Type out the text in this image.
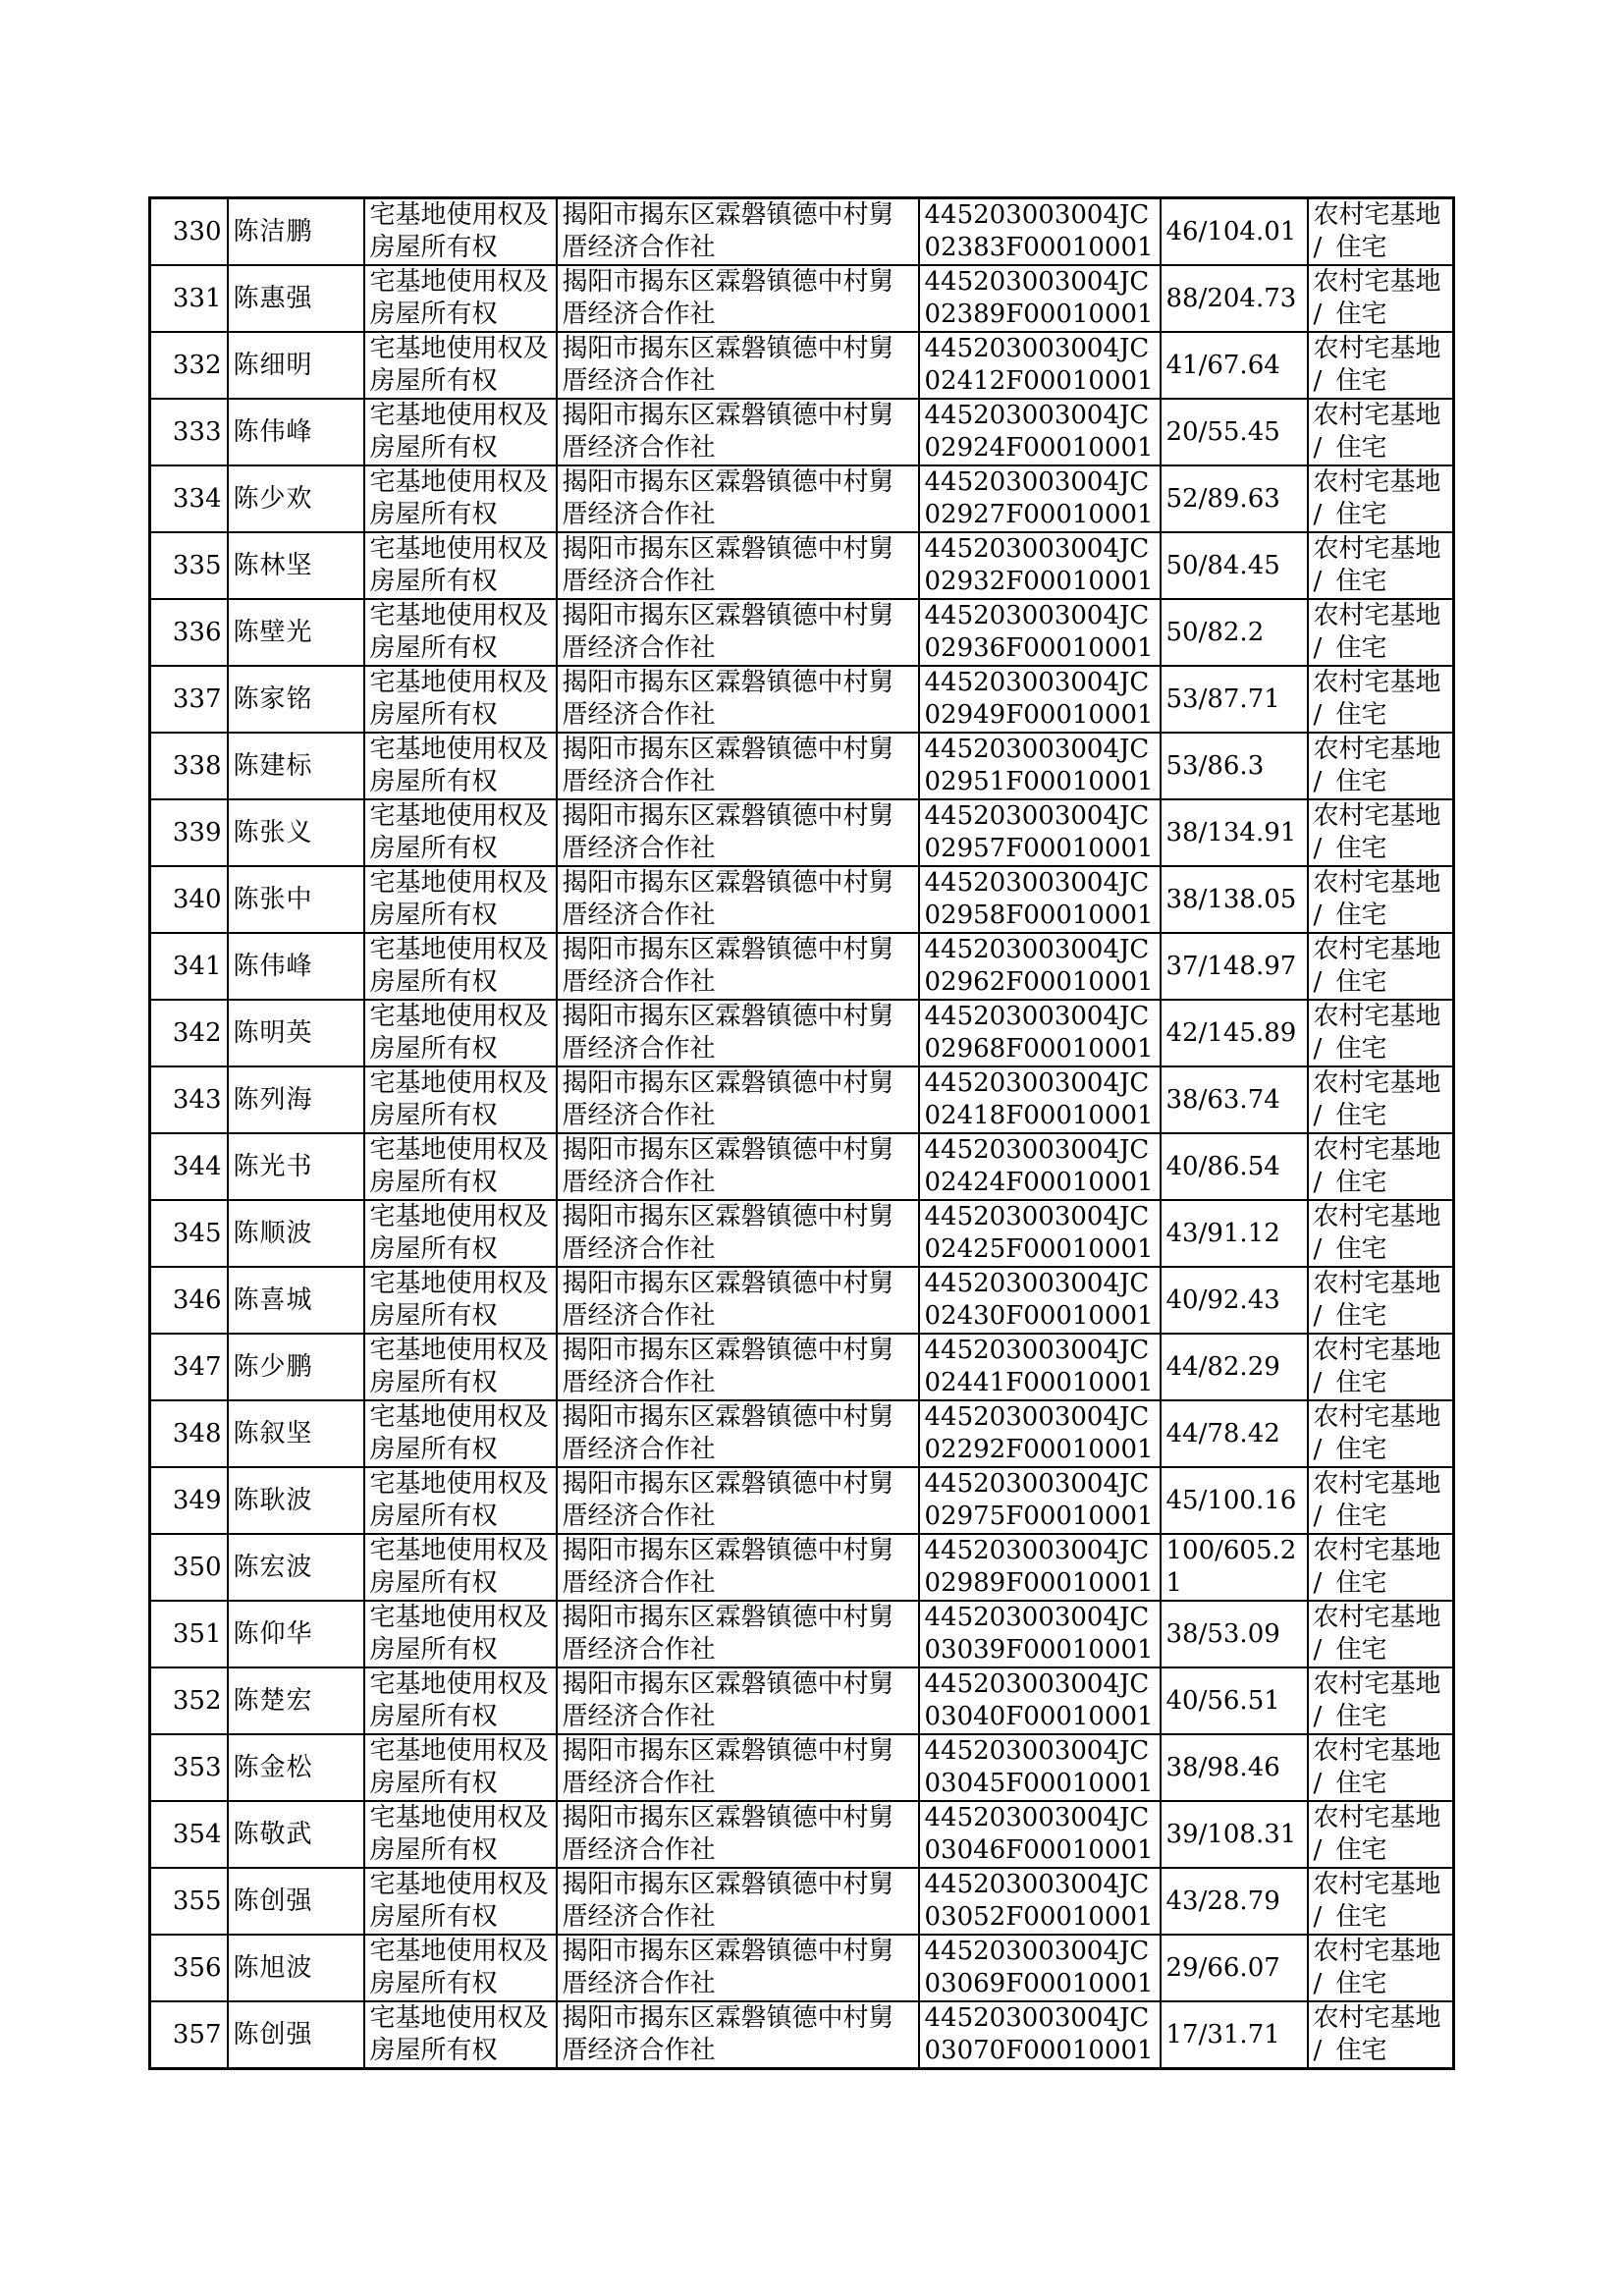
330	陈洁鹏	宅基地使用权及房屋所有权	揭阳市揭东区霖磐镇德中村舅厝经济合作社	445203003004JC02383F00010001	46/104.01	农村宅基地 / 住宅
331	陈惠强	宅基地使用权及房屋所有权	揭阳市揭东区霖磐镇德中村舅厝经济合作社	445203003004JC02389F00010001	88/204.73	农村宅基地 / 住宅
332	陈细明	宅基地使用权及房屋所有权	揭阳市揭东区霖磐镇德中村舅厝经济合作社	445203003004JC02412F00010001	41/67.64	农村宅基地 / 住宅
333	陈伟峰	宅基地使用权及房屋所有权	揭阳市揭东区霖磐镇德中村舅厝经济合作社	445203003004JC02924F00010001	20/55.45	农村宅基地 / 住宅
334	陈少欢	宅基地使用权及房屋所有权	揭阳市揭东区霖磐镇德中村舅厝经济合作社	445203003004JC02927F00010001	52/89.63	农村宅基地 / 住宅
335	陈林坚	宅基地使用权及房屋所有权	揭阳市揭东区霖磐镇德中村舅厝经济合作社	445203003004JC02932F00010001	50/84.45	农村宅基地 / 住宅
336	陈壁光	宅基地使用权及房屋所有权	揭阳市揭东区霖磐镇德中村舅厝经济合作社	445203003004JC02936F00010001	50/82.2	农村宅基地 / 住宅
337	陈家铭	宅基地使用权及房屋所有权	揭阳市揭东区霖磐镇德中村舅厝经济合作社	445203003004JC02949F00010001	53/87.71	农村宅基地 / 住宅
338	陈建标	宅基地使用权及房屋所有权	揭阳市揭东区霖磐镇德中村舅厝经济合作社	445203003004JC02951F00010001	53/86.3	农村宅基地 / 住宅
339	陈张义	宅基地使用权及房屋所有权	揭阳市揭东区霖磐镇德中村舅厝经济合作社	445203003004JC02957F00010001	38/134.91	农村宅基地 / 住宅
340	陈张中	宅基地使用权及房屋所有权	揭阳市揭东区霖磐镇德中村舅厝经济合作社	445203003004JC02958F00010001	38/138.05	农村宅基地 / 住宅
341	陈伟峰	宅基地使用权及房屋所有权	揭阳市揭东区霖磐镇德中村舅厝经济合作社	445203003004JC02962F00010001	37/148.97	农村宅基地 / 住宅
342	陈明英	宅基地使用权及房屋所有权	揭阳市揭东区霖磐镇德中村舅厝经济合作社	445203003004JC02968F00010001	42/145.89	农村宅基地 / 住宅
343	陈列海	宅基地使用权及房屋所有权	揭阳市揭东区霖磐镇德中村舅厝经济合作社	445203003004JC02418F00010001	38/63.74	农村宅基地 / 住宅
344	陈光书	宅基地使用权及房屋所有权	揭阳市揭东区霖磐镇德中村舅厝经济合作社	445203003004JC02424F00010001	40/86.54	农村宅基地 / 住宅
345	陈顺波	宅基地使用权及房屋所有权	揭阳市揭东区霖磐镇德中村舅厝经济合作社	445203003004JC02425F00010001	43/91.12	农村宅基地 / 住宅
346	陈喜城	宅基地使用权及房屋所有权	揭阳市揭东区霖磐镇德中村舅厝经济合作社	445203003004JC02430F00010001	40/92.43	农村宅基地 / 住宅
347	陈少鹏	宅基地使用权及房屋所有权	揭阳市揭东区霖磐镇德中村舅厝经济合作社	445203003004JC02441F00010001	44/82.29	农村宅基地 / 住宅
348	陈叙坚	宅基地使用权及房屋所有权	揭阳市揭东区霖磐镇德中村舅厝经济合作社	445203003004JC02292F00010001	44/78.42	农村宅基地 / 住宅
349	陈耿波	宅基地使用权及房屋所有权	揭阳市揭东区霖磐镇德中村舅厝经济合作社	445203003004JC02975F00010001	45/100.16	农村宅基地 / 住宅
350	陈宏波	宅基地使用权及房屋所有权	揭阳市揭东区霖磐镇德中村舅厝经济合作社	445203003004JC02989F00010001	100/605.21	农村宅基地 / 住宅
351	陈仰华	宅基地使用权及房屋所有权	揭阳市揭东区霖磐镇德中村舅厝经济合作社	445203003004JC03039F00010001	38/53.09	农村宅基地 / 住宅
352	陈楚宏	宅基地使用权及房屋所有权	揭阳市揭东区霖磐镇德中村舅厝经济合作社	445203003004JC03040F00010001	40/56.51	农村宅基地 / 住宅
353	陈金松	宅基地使用权及房屋所有权	揭阳市揭东区霖磐镇德中村舅厝经济合作社	445203003004JC03045F00010001	38/98.46	农村宅基地 / 住宅
354	陈敬武	宅基地使用权及房屋所有权	揭阳市揭东区霖磐镇德中村舅厝经济合作社	445203003004JC03046F00010001	39/108.31	农村宅基地 / 住宅
355	陈创强	宅基地使用权及房屋所有权	揭阳市揭东区霖磐镇德中村舅厝经济合作社	445203003004JC03052F00010001	43/28.79	农村宅基地 / 住宅
356	陈旭波	宅基地使用权及房屋所有权	揭阳市揭东区霖磐镇德中村舅厝经济合作社	445203003004JC03069F00010001	29/66.07	农村宅基地 / 住宅
357	陈创强	宅基地使用权及房屋所有权	揭阳市揭东区霖磐镇德中村舅厝经济合作社	445203003004JC03070F00010001	17/31.71	农村宅基地 / 住宅
